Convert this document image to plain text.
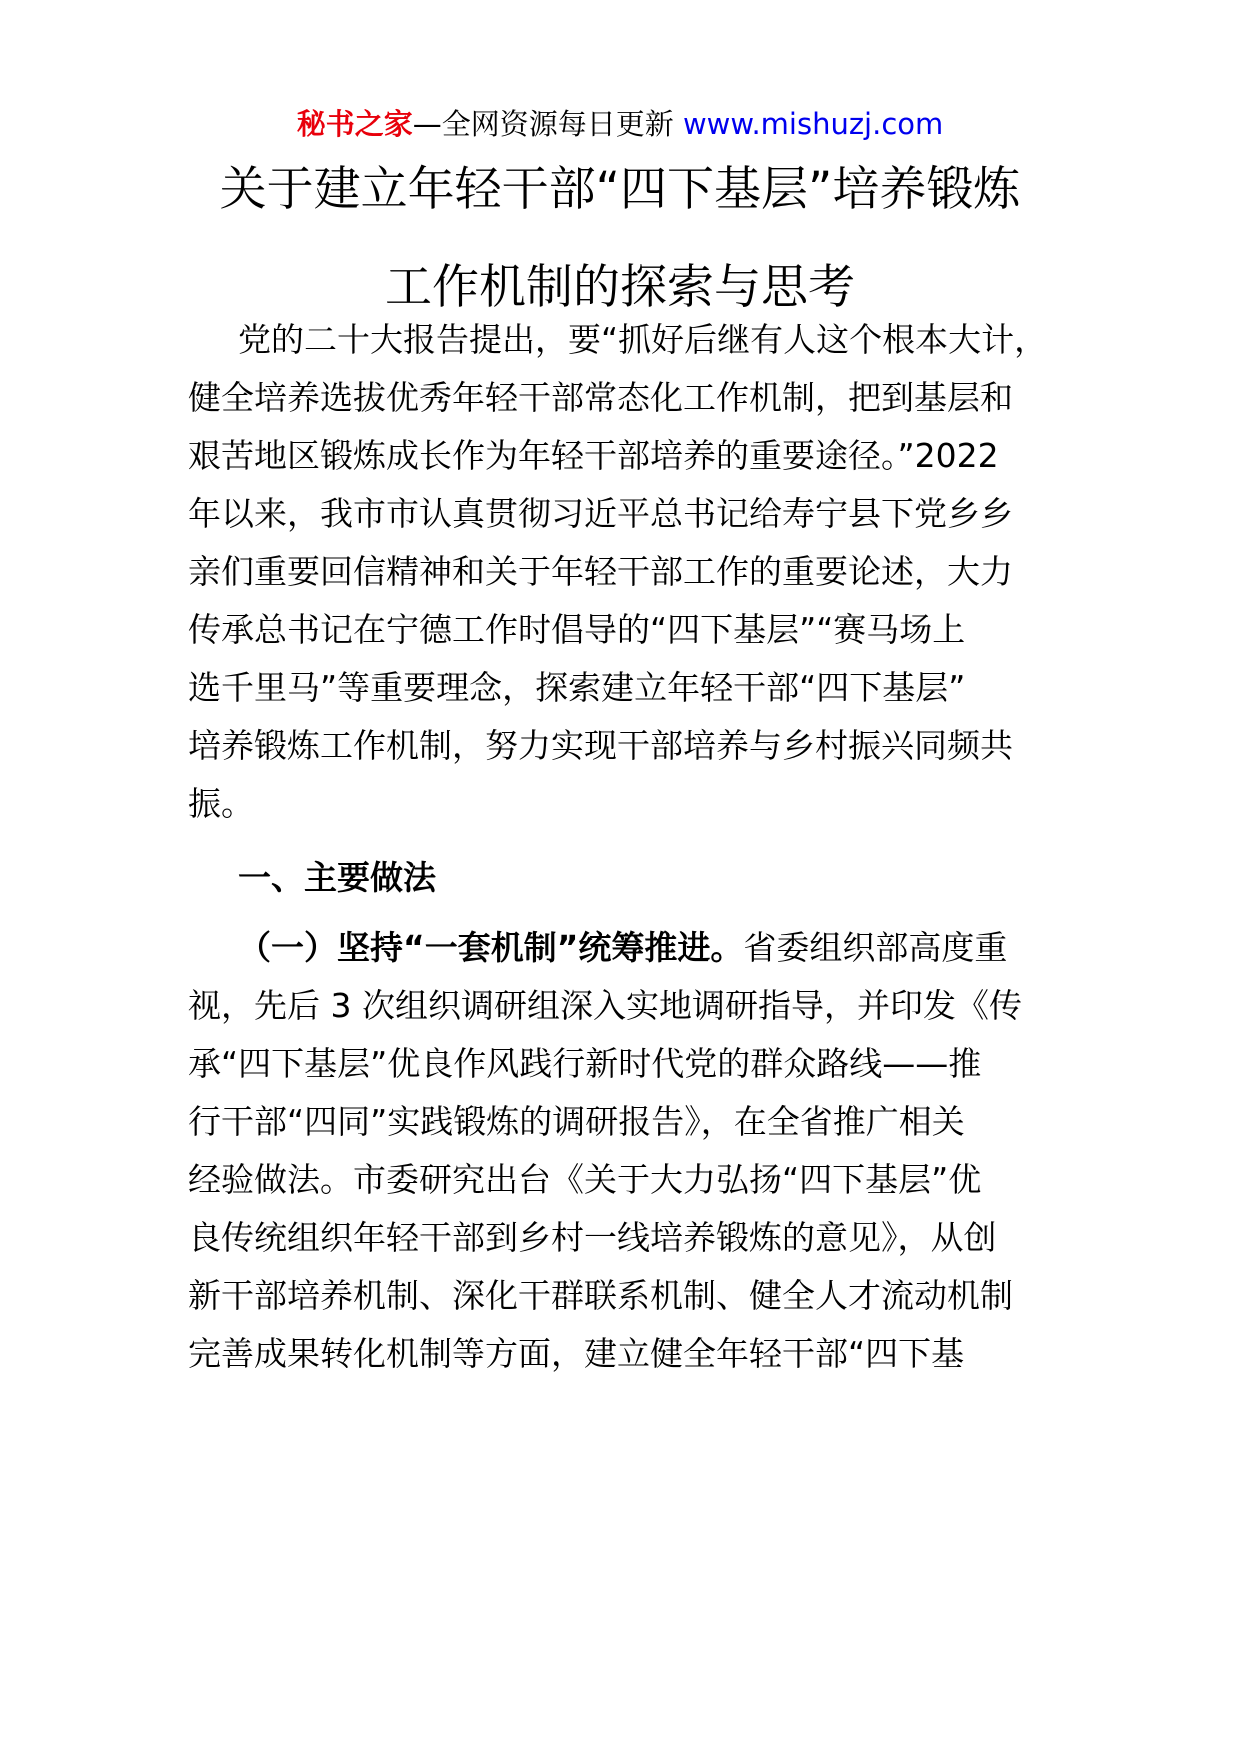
秘书之家—全网资源每日更新 www.mishuzj.com
关于建立年轻干部“四下基层”培养锻炼
工作机制的探索与思考
党的二十大报告提出，要“抓好后继有人这个根本大计，
健全培养选拔优秀年轻干部常态化工作机制，把到基层和
艰苦地区锻炼成长作为年轻干部培养的重要途径。”2022
年以来，我市市认真贯彻习近平总书记给寿宁县下党乡乡
亲们重要回信精神和关于年轻干部工作的重要论述，大力
传承总书记在宁德工作时倡导的“四下基层”“赛马场上
选千里马”等重要理念，探索建立年轻干部“四下基层”
培养锻炼工作机制，努力实现干部培养与乡村振兴同频共
振。
一、主要做法
（一）坚持“一套机制”统筹推进。省委组织部高度重
视，先后 3 次组织调研组深入实地调研指导，并印发《传
承“四下基层”优良作风践行新时代党的群众路线——推
行干部“四同”实践锻炼的调研报告》，在全省推广相关
经验做法。市委研究出台《关于大力弘扬“四下基层”优
良传统组织年轻干部到乡村一线培养锻炼的意见》，从创
新干部培养机制、深化干群联系机制、健全人才流动机制
完善成果转化机制等方面，建立健全年轻干部“四下基
